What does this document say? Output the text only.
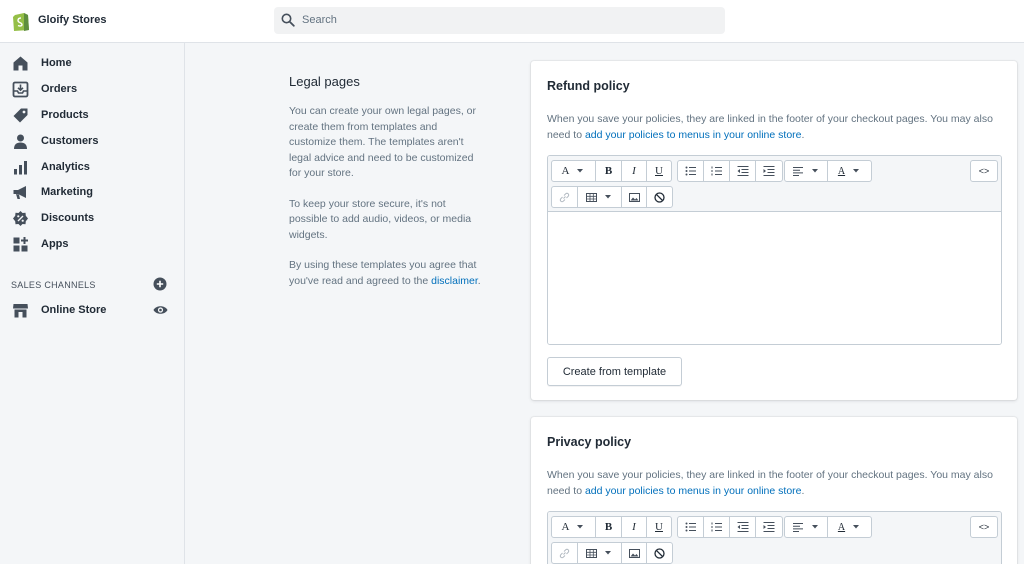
Gloify Stores	Search
Home
Orders
Products
Customers
Analytics
Marketing
Discounts
Apps
SALES CHANNELS
Online Store
Legal pages

You can create your own legal pages, or create them from templates and customize them. The templates aren't legal advice and need to be customized for your store.

To keep your store secure, it's not possible to add audio, videos, or media widgets.

By using these templates you agree that you've read and agreed to the disclaimer.

Refund policy

When you save your policies, they are linked in the footer of your checkout pages. You may also need to add your policies to menus in your online store.

A	B	I	U	A	<>
Create from template
Privacy policy

When you save your policies, they are linked in the footer of your checkout pages. You may also need to add your policies to menus in your online store.

A	B	I	U	A	<>
